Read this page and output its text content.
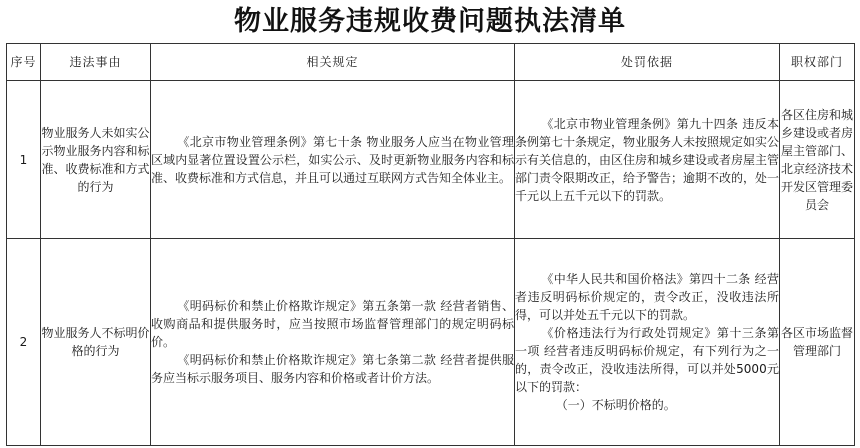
物业服务违规收费问题执法清单
序号	违法事由	相关规定	处罚依据	职权部门
1	物业服务人未如实公示物业服务内容和标准、收费标准和方式的行为	《北京市物业管理条例》第七十条 物业服务人应当在物业管理区域内显著位置设置公示栏，如实公示、及时更新物业服务内容和标准、收费标准和方式信息，并且可以通过互联网方式告知全体业主。	《北京市物业管理条例》第九十四条 违反本条例第七十条规定，物业服务人未按照规定如实公示有关信息的，由区住房和城乡建设或者房屋主管部门责令限期改正，给予警告；逾期不改的，处一千元以上五千元以下的罚款。	各区住房和城乡建设或者房屋主管部门、北京经济技术开发区管理委员会
2	物业服务人不标明价格的行为	《明码标价和禁止价格欺诈规定》第五条第一款 经营者销售、收购商品和提供服务时，应当按照市场监督管理部门的规定明码标价。
《明码标价和禁止价格欺诈规定》第七条第二款 经营者提供服务应当标示服务项目、服务内容和价格或者计价方法。	《中华人民共和国价格法》第四十二条 经营者违反明码标价规定的，责令改正，没收违法所得，可以并处五千元以下的罚款。
《价格违法行为行政处罚规定》第十三条第一项 经营者违反明码标价规定，有下列行为之一的，责令改正，没收违法所得，可以并处5000元以下的罚款：
（一）不标明价格的。	各区市场监督管理部门
